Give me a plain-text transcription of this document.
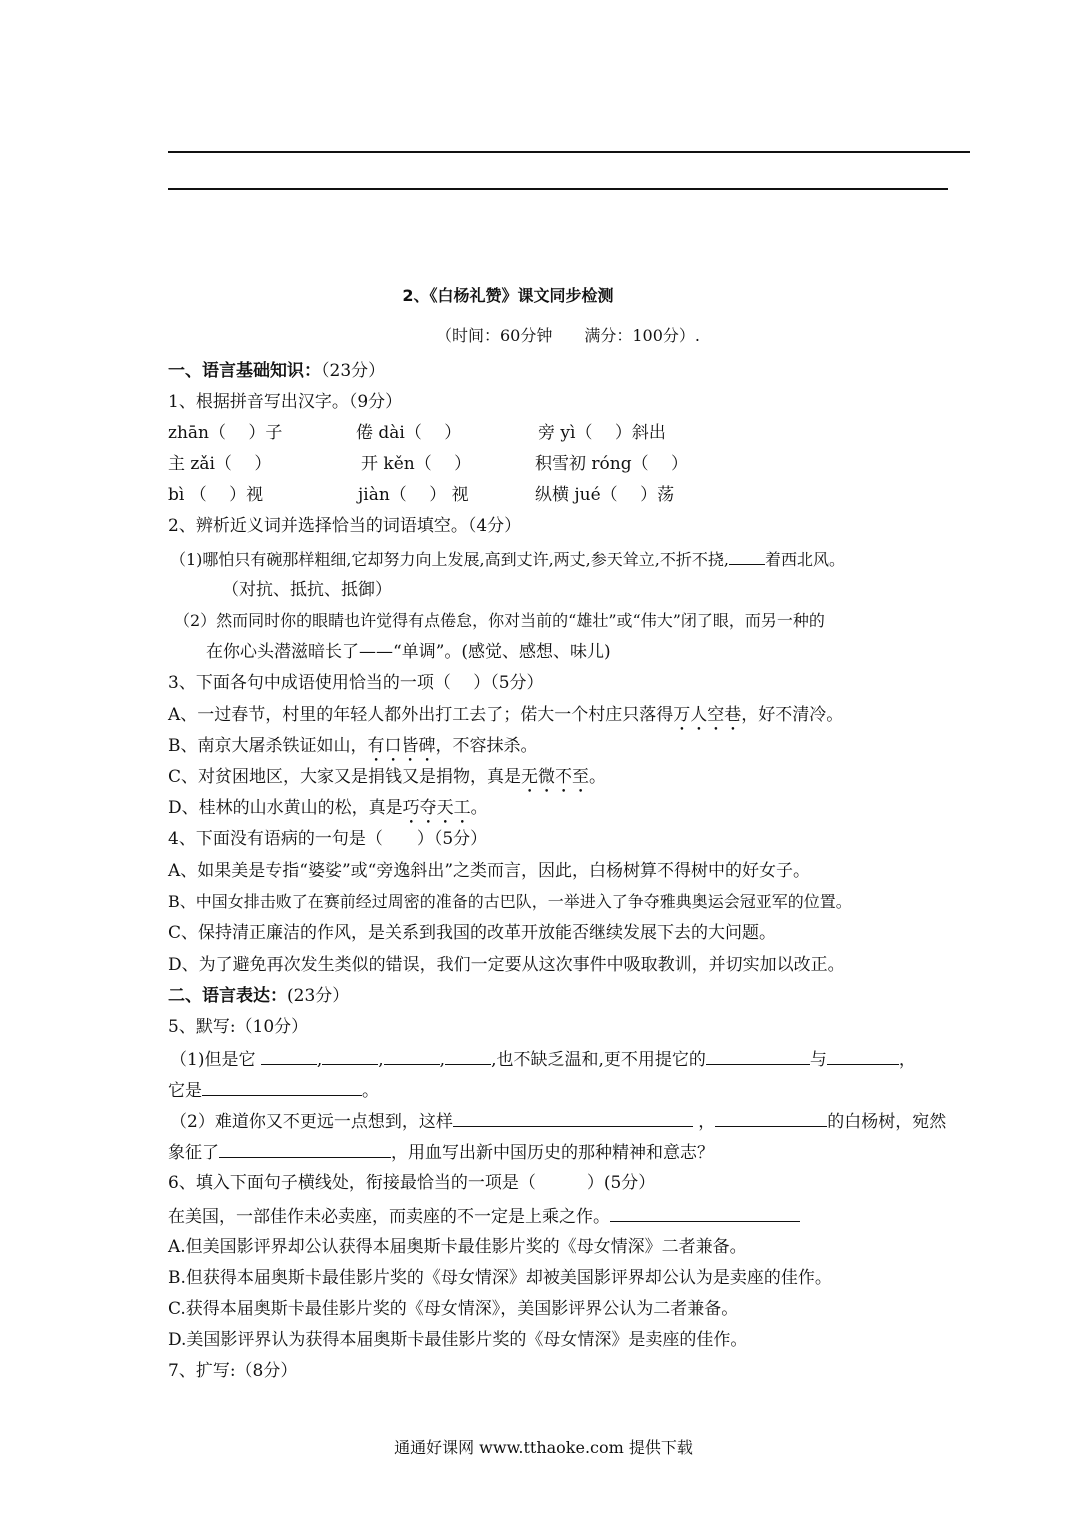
2、《白杨礼赞》课文同步检测
（时间：60分钟　　满分：100分）.
一、语言基础知识：（23分）
1、根据拼音写出汉字。（9分）
zhān（　 ）子	倦 dài（　 ）	旁 yì（　 ）斜出
主 zǎi（　 ）	开 kěn（　 ）	积雪初 róng（　 ）
bì （　 ）视	jiàn（　 ） 视	纵横 jué（　 ）荡
2、辨析近义词并选择恰当的词语填空。（4分）
（1)哪怕只有碗那样粗细,它却努力向上发展,高到丈许,两丈,参天耸立,不折不挠, 着西北风。
（对抗、抵抗、抵御）
（2）然而同时你的眼睛也许觉得有点倦怠，你对当前的“雄壮”或“伟大”闭了眼，而另一种的
在你心头潜滋暗长了——“单调”。(感觉、感想、味儿)
3、下面各句中成语使用恰当的一项（　 ）（5分）
A、一过春节，村里的年轻人都外出打工去了；偌大一个村庄只落得万人空巷，好不清冷。
B、南京大屠杀铁证如山，有口皆碑，不容抹杀。
C、对贫困地区，大家又是捐钱又是捐物，真是无微不至。
D、桂林的山水黄山的松，真是巧夺天工。
4、下面没有语病的一句是（　　）（5分）
A、如果美是专指“婆娑”或“旁逸斜出”之类而言，因此，白杨树算不得树中的好女子。
B、中国女排击败了在赛前经过周密的准备的古巴队，一举进入了争夺雅典奥运会冠亚军的位置。
C、保持清正廉洁的作风，是关系到我国的改革开放能否继续发展下去的大问题。
D、为了避免再次发生类似的错误，我们一定要从这次事件中吸取教训，并切实加以改正。
二、语言表达：(23分）
5、默写:（10分）
（1)但是它	,	,	,	,也不缺乏温和,更不用提它的	与	，
它是	。
（2）难道你又不更远一点想到，这样	，	的白杨树，宛然
象征了	，用血写出新中国历史的那种精神和意志？
6、填入下面句子横线处，衔接最恰当的一项是（　　　）(5分）
在美国，一部佳作未必卖座，而卖座的不一定是上乘之作。
A.但美国影评界却公认获得本届奥斯卡最佳影片奖的《母女情深》二者兼备。
B.但获得本届奥斯卡最佳影片奖的《母女情深》却被美国影评界却公认为是卖座的佳作。
C.获得本届奥斯卡最佳影片奖的《母女情深》，美国影评界公认为二者兼备。
D.美国影评界认为获得本届奥斯卡最佳影片奖的《母女情深》是卖座的佳作。
7、扩写:（8分）
通通好课网 www.tthaoke.com 提供下载
